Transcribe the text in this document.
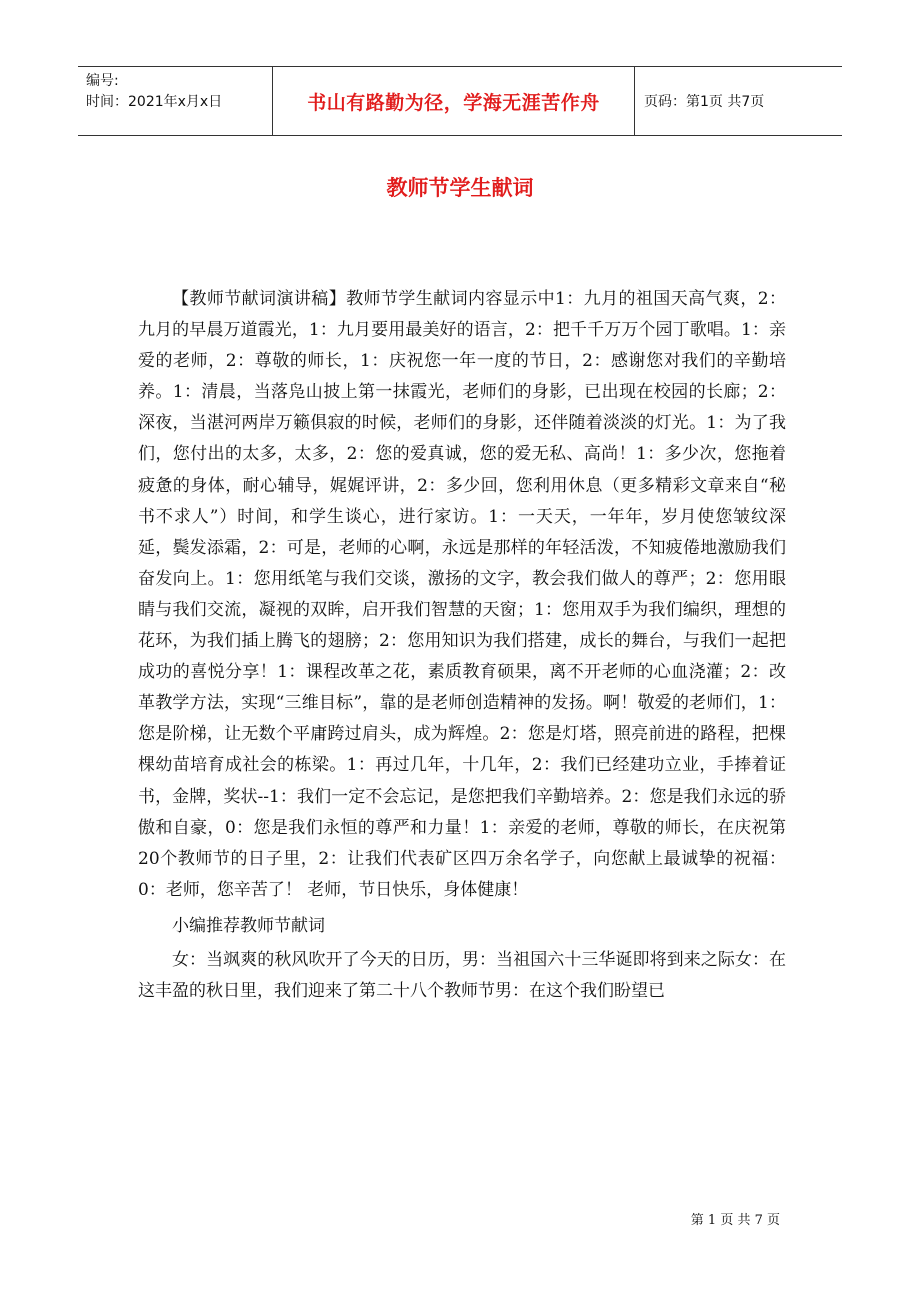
编号:
时间：2021年x月x日	书山有路勤为径，学海无涯苦作舟	页码：第1页 共7页
教师节学生献词

【教师节献词演讲稿】教师节学生献词内容显示中1：九月的祖国天高气爽，2：九月的早晨万道霞光，1：九月要用最美好的语言，2：把千千万万个园丁歌唱。1：亲爱的老师，2：尊敬的师长，1：庆祝您一年一度的节日，2：感谢您对我们的辛勤培养。1：清晨，当落凫山披上第一抹霞光，老师们的身影，已出现在校园的长廊；2：深夜，当湛河两岸万籁俱寂的时候，老师们的身影，还伴随着淡淡的灯光。1：为了我们，您付出的太多，太多，2：您的爱真诚，您的爱无私、高尚！1：多少次，您拖着疲惫的身体，耐心辅导，娓娓评讲，2：多少回，您利用休息（更多精彩文章来自“秘书不求人”）时间，和学生谈心，进行家访。1：一天天，一年年，岁月使您皱纹深延，鬓发添霜，2：可是，老师的心啊，永远是那样的年轻活泼，不知疲倦地激励我们奋发向上。1：您用纸笔与我们交谈，激扬的文字，教会我们做人的尊严；2：您用眼睛与我们交流，凝视的双眸，启开我们智慧的天窗；1：您用双手为我们编织，理想的花环，为我们插上腾飞的翅膀；2：您用知识为我们搭建，成长的舞台，与我们一起把成功的喜悦分享！1：课程改革之花，素质教育硕果，离不开老师的心血浇灌；2：改革教学方法，实现“三维目标”，靠的是老师创造精神的发扬。啊！敬爱的老师们，1：您是阶梯，让无数个平庸跨过肩头，成为辉煌。2：您是灯塔，照亮前进的路程，把棵棵幼苗培育成社会的栋梁。1：再过几年，十几年，2：我们已经建功立业，手捧着证书，金牌，奖状--1：我们一定不会忘记，是您把我们辛勤培养。2：您是我们永远的骄傲和自豪，0：您是我们永恒的尊严和力量！1：亲爱的老师，尊敬的师长，在庆祝第20个教师节的日子里，2：让我们代表矿区四万余名学子，向您献上最诚挚的祝福：0：老师，您辛苦了！ 老师，节日快乐，身体健康！

小编推荐教师节献词

女：当飒爽的秋风吹开了今天的日历，男：当祖国六十三华诞即将到来之际女：在这丰盈的秋日里，我们迎来了第二十八个教师节男：在这个我们盼望已

第 1 页 共 7 页
